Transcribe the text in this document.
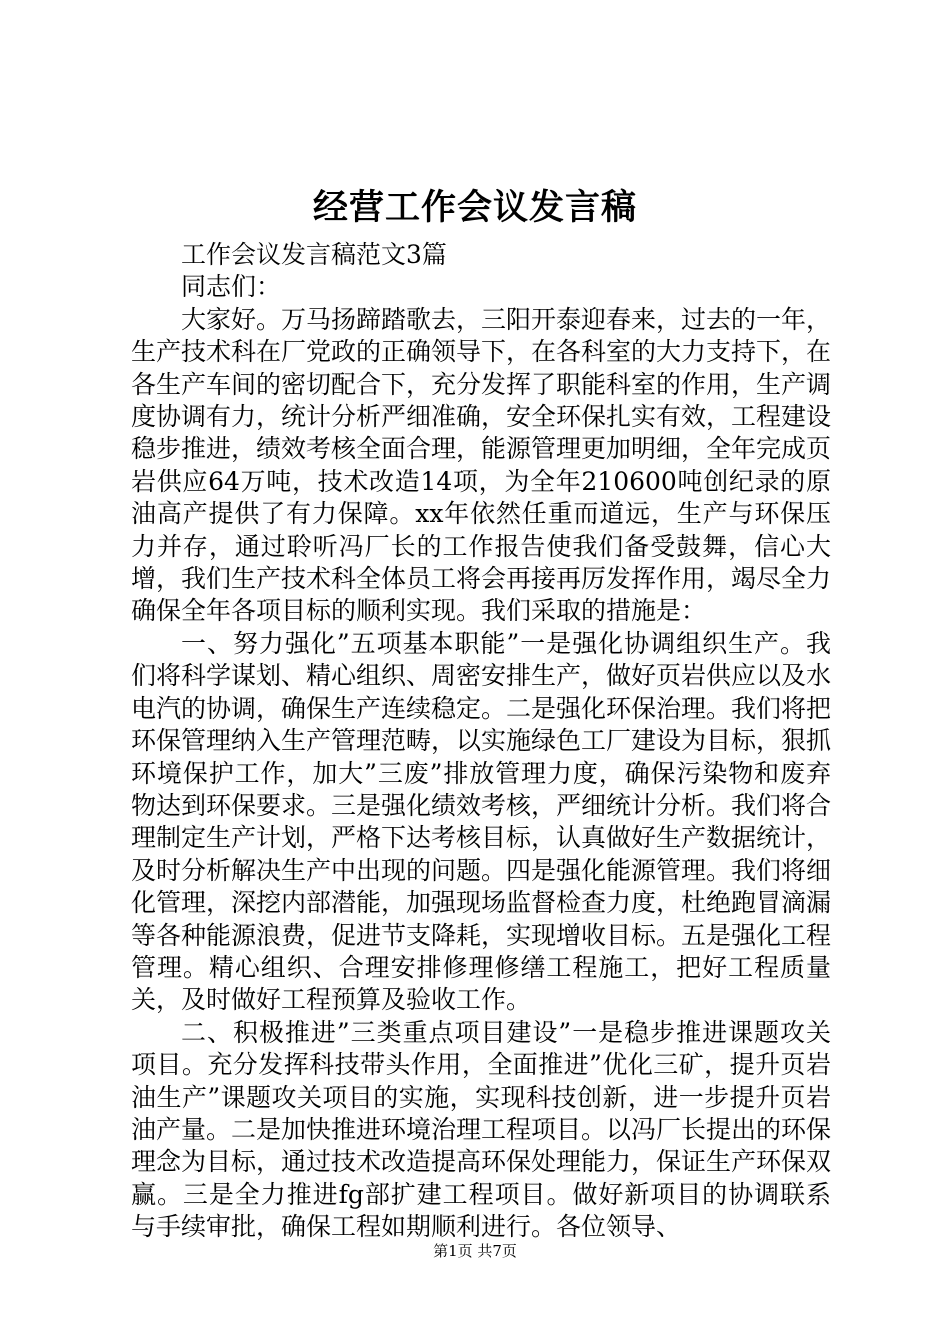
经营工作会议发言稿

工作会议发言稿范文3篇

同志们：

大家好。万马扬蹄踏歌去，三阳开泰迎春来，过去的一年，生产技术科在厂党政的正确领导下，在各科室的大力支持下，在各生产车间的密切配合下，充分发挥了职能科室的作用，生产调度协调有力，统计分析严细准确，安全环保扎实有效，工程建设稳步推进，绩效考核全面合理，能源管理更加明细，全年完成页岩供应64万吨，技术改造14项，为全年210600吨创纪录的原油高产提供了有力保障。xx年依然任重而道远，生产与环保压力并存，通过聆听冯厂长的工作报告使我们备受鼓舞，信心大增，我们生产技术科全体员工将会再接再厉发挥作用，竭尽全力确保全年各项目标的顺利实现。我们采取的措施是：

一、努力强化”五项基本职能”一是强化协调组织生产。我们将科学谋划、精心组织、周密安排生产，做好页岩供应以及水电汽的协调，确保生产连续稳定。二是强化环保治理。我们将把环保管理纳入生产管理范畴，以实施绿色工厂建设为目标，狠抓环境保护工作，加大”三废”排放管理力度，确保污染物和废弃物达到环保要求。三是强化绩效考核，严细统计分析。我们将合理制定生产计划，严格下达考核目标，认真做好生产数据统计，及时分析解决生产中出现的问题。四是强化能源管理。我们将细化管理，深挖内部潜能，加强现场监督检查力度，杜绝跑冒滴漏等各种能源浪费，促进节支降耗，实现增收目标。五是强化工程管理。精心组织、合理安排修理修缮工程施工，把好工程质量关，及时做好工程预算及验收工作。

二、积极推进”三类重点项目建设”一是稳步推进课题攻关项目。充分发挥科技带头作用，全面推进”优化三矿，提升页岩油生产”课题攻关项目的实施，实现科技创新，进一步提升页岩油产量。二是加快推进环境治理工程项目。以冯厂长提出的环保理念为目标，通过技术改造提高环保处理能力，保证生产环保双赢。三是全力推进fg部扩建工程项目。做好新项目的协调联系与手续审批，确保工程如期顺利进行。各位领导、

第1页 共7页
